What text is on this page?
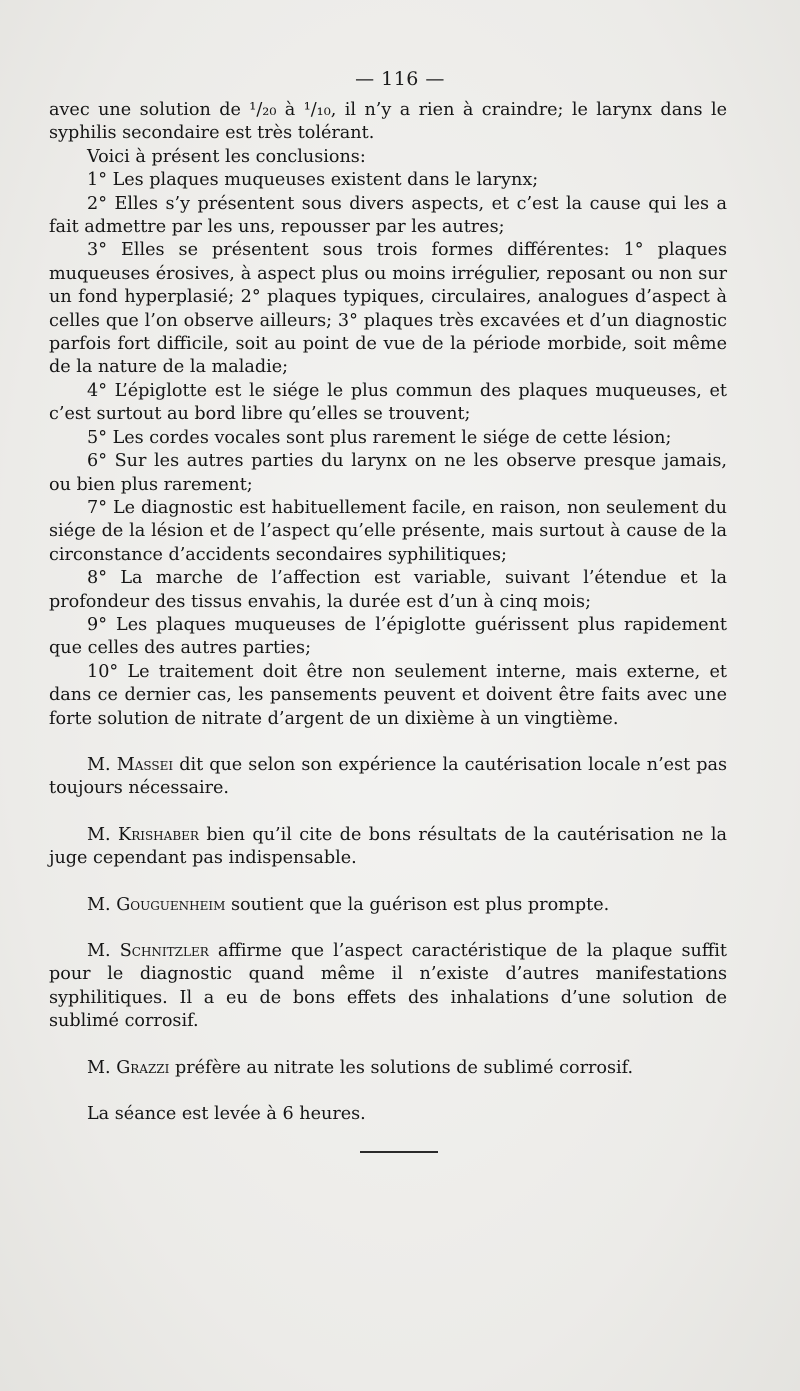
— 116 —

avec une solution de ¹/₂₀ à ¹/₁₀, il n’y a rien à craindre; le larynx dans le syphilis secondaire est très tolérant.

Voici à présent les conclusions:

1° Les plaques muqueuses existent dans le larynx;

2° Elles s’y présentent sous divers aspects, et c’est la cause qui les a fait admettre par les uns, repousser par les autres;

3° Elles se présentent sous trois formes différentes: 1° plaques muqueuses érosives, à aspect plus ou moins irrégulier, reposant ou non sur un fond hyperplasié; 2° plaques typiques, circulaires, analogues d’aspect à celles que l’on observe ailleurs; 3° plaques très excavées et d’un diagnostic parfois fort difficile, soit au point de vue de la période morbide, soit même de la nature de la maladie;

4° L’épiglotte est le siége le plus commun des plaques muqueuses, et c’est surtout au bord libre qu’elles se trouvent;

5° Les cordes vocales sont plus rarement le siége de cette lésion;

6° Sur les autres parties du larynx on ne les observe presque jamais, ou bien plus rarement;

7° Le diagnostic est habituellement facile, en raison, non seulement du siége de la lésion et de l’aspect qu’elle présente, mais surtout à cause de la circonstance d’accidents secondaires syphilitiques;

8° La marche de l’affection est variable, suivant l’étendue et la profondeur des tissus envahis, la durée est d’un à cinq mois;

9° Les plaques muqueuses de l’épiglotte guérissent plus rapidement que celles des autres parties;

10° Le traitement doit être non seulement interne, mais externe, et dans ce dernier cas, les pansements peuvent et doivent être faits avec une forte solution de nitrate d’argent de un dixième à un vingtième.

M. Massei dit que selon son expérience la cautérisation locale n’est pas toujours nécessaire.

M. Krishaber bien qu’il cite de bons résultats de la cautérisation ne la juge cependant pas indispensable.

M. Gouguenheim soutient que la guérison est plus prompte.

M. Schnitzler affirme que l’aspect caractéristique de la plaque suffit pour le diagnostic quand même il n’existe d’autres manifestations syphilitiques. Il a eu de bons effets des inhalations d’une solution de sublimé corrosif.

M. Grazzi préfère au nitrate les solutions de sublimé corrosif.

La séance est levée à 6 heures.
